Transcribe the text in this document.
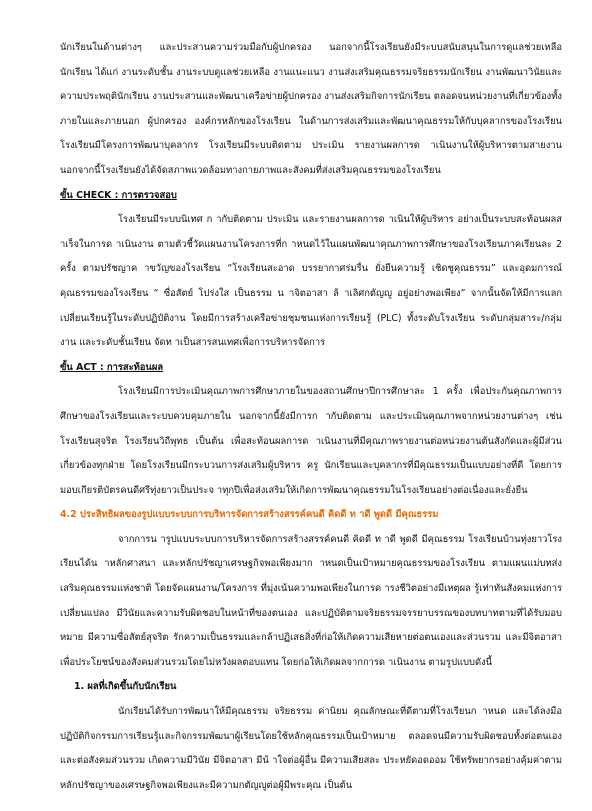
นักเรียนในด้านต่างๆ และประสานความร่วมมือกับผู้ปกครอง นอกจากนี้โรงเรียนยังมีระบบสนับสนุนในการดูแลช่วยเหลือนักเรียน ได้แก่ งานระดับชั้น งานระบบดูแลช่วยเหลือ งานแนะแนว งานส่งเสริมคุณธรรมจริยธรรมนักเรียน งานพัฒนาวินัยและความประพฤตินักเรียน งานประสานและพัฒนาเครือข่ายผู้ปกครอง งานส่งเสริมกิจการนักเรียน ตลอดจนหน่วยงานที่เกี่ยวข้องทั้งภายในและภายนอก ผู้ปกครอง องค์กรหลักของโรงเรียน ในด้านการส่งเสริมและพัฒนาคุณธรรมให้กับบุคลากรของโรงเรียน โรงเรียนมีโครงการพัฒนาบุคลากร โรงเรียนมีระบบติดตาม ประเมิน รายงานผลการด าเนินงานให้ผู้บริหารตามสายงาน นอกจากนี้โรงเรียนยังได้จัดสภาพแวดล้อมทางกายภาพและสังคมที่ส่งเสริมคุณธรรมของโรงเรียน

ขั้น CHECK : การตรวจสอบ

โรงเรียนมีระบบนิเทศ ก ากับติดตาม ประเมิน และรายงานผลการด าเนินให้ผู้บริหาร อย่างเป็นระบบสะท้อนผลส าเร็จในการด าเนินงาน ตามตัวชี้วัดแผนงานโครงการที่ก าหนดไว้ในแผนพัฒนาคุณภาพการศึกษาของโรงเรียนภาคเรียนละ 2 ครั้ง ตามปรัชญาค าขวัญของโรงเรียน “โรงเรียนสะอาด บรรยากาศร่มรื่น ยั่งยืนความรู้ เชิดชูคุณธรรม” และอุดมการณ์คุณธรรมของโรงเรียน “ ซื่อสัตย์ โปร่งใส เป็นธรรม น าจิตอาสา ล้ าเลิศกตัญญู อยู่อย่างพอเพียง” จากนั้นจัดให้มีการแลกเปลี่ยนเรียนรู้ในระดับปฏิบัติงาน โดยมีการสร้างเครือข่ายชุมชนแห่งการเรียนรู้ (PLC) ทั้งระดับโรงเรียน ระดับกลุ่มสาระ/กลุ่มงาน และระดับชั้นเรียน จัดท าเป็นสารสนเทศเพื่อการบริหารจัดการ

ขั้น ACT : การสะท้อนผล

โรงเรียนมีการประเมินคุณภาพการศึกษาภายในของสถานศึกษาปีการศึกษาละ 1 ครั้ง เพื่อประกันคุณภาพการศึกษาของโรงเรียนและระบบควบคุมภายใน นอกจากนี้ยังมีการก ากับติดตาม และประเมินคุณภาพจากหน่วยงานต่างๆ เช่น โรงเรียนสุจริต โรงเรียนวิถีพุทธ เป็นต้น เพื่อสะท้อนผลการด าเนินงานที่มีคุณภาพรายงานต่อหน่วยงานต้นสังกัดและผู้มีส่วนเกี่ยวข้องทุกฝ่าย โดยโรงเรียนมีกระบวนการส่งเสริมผู้บริหาร ครู นักเรียนและบุคลากรที่มีคุณธรรมเป็นแบบอย่างที่ดี โดยการมอบเกียรติบัตรคนดีศรีทุ่งยาวเป็นประจ าทุกปีเพื่อส่งเสริมให้เกิดการพัฒนาคุณธรรมในโรงเรียนอย่างต่อเนื่องและยั่งยืน

4.2 ประสิทธิผลของรูปแบบระบบการบริหารจัดการสร้างสรรค์คนดี คิดดี ท าดี พูดดี มีคุณธรรม

จากการน ารูปแบบระบบการบริหารจัดการสร้างสรรค์คนดี คิดดี ท าดี พูดดี มีคุณธรรม โรงเรียนบ้านทุ่งยาวโรงเรียนได้น าหลักศาสนา และหลักปรัชญาเศรษฐกิจพอเพียงมาก าหนดเป็นเป้าหมายคุณธรรมของโรงเรียน ตามแผนแม่บทส่งเสริมคุณธรรมแห่งชาติ โดยจัดแผนงาน/โครงการ ที่มุ่งเน้นความพอเพียงในการด ารงชีวิตอย่างมีเหตุผล รู้เท่าทันสังคมแห่งการเปลี่ยนแปลง มีวินัยและความรับผิดชอบในหน้าที่ของตนเอง และปฏิบัติตามจริยธรรมจรรยาบรรณของบทบาทตามที่ได้รับมอบหมาย มีความซื่อสัตย์สุจริต รักความเป็นธรรมและกล้าปฏิเสธสิ่งที่ก่อให้เกิดความเสียหายต่อตนเองและส่วนรวม และมีจิตอาสาเพื่อประโยชน์ของสังคมส่วนรวมโดยไม่หวังผลตอบแทน โดยก่อให้เกิดผลจากการด าเนินงาน ตามรูปแบบดังนี้

1. ผลที่เกิดขึ้นกับนักเรียน

นักเรียนได้รับการพัฒนาให้มีคุณธรรม จริยธรรม ค่านิยม คุณลักษณะที่ดีตามที่โรงเรียนก าหนด และได้ลงมือปฏิบัติกิจกรรมการเรียนรู้และกิจกรรมพัฒนาผู้เรียนโดยใช้หลักคุณธรรมเป็นเป้าหมาย ตลอดจนมีความรับผิดชอบทั้งต่อตนเองและต่อสังคมส่วนรวม เกิดความมีวินัย มีจิตอาสา มีน้ าใจต่อผู้อื่น มีความเสียสละ ประหยัดอดออม ใช้ทรัพยากรอย่างคุ้มค่าตามหลักปรัชญาของเศรษฐกิจพอเพียงและมีความกตัญญูต่อผู้มีพระคุณ เป็นต้น
